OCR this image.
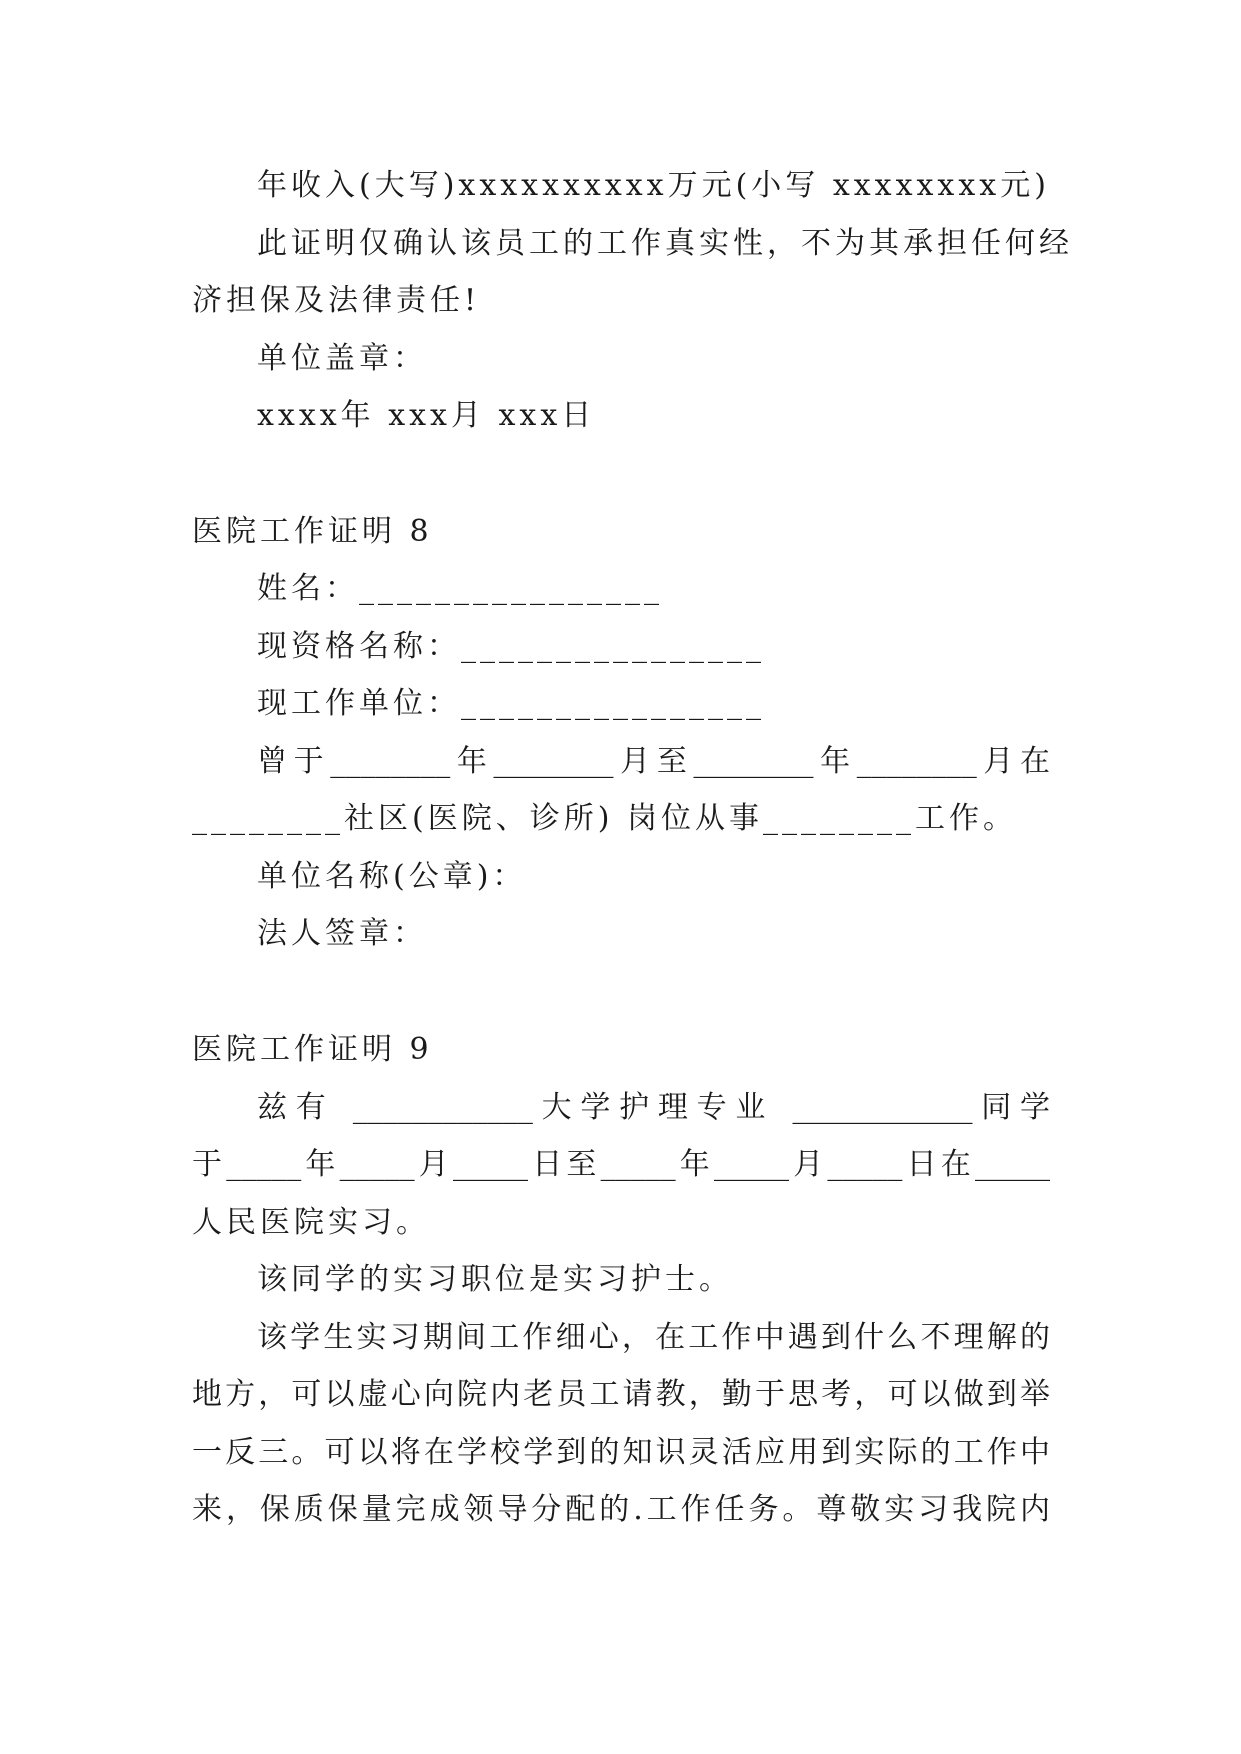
年收入(大写)xxxxxxxxxx万元(小写 xxxxxxxx元)
此证明仅确认该员工的工作真实性，不为其承担任何经
济担保及法律责任!
单位盖章：
xxxx年 xxx月 xxx日
医院工作证明 8
姓名：________________
现资格名称：________________
现工作单位：________________
曾于________年________月至________年________月在
________社区(医院、诊所) 岗位从事________工作。
单位名称(公章)：
法人签章：
医院工作证明 9
兹有 ____________大学护理专业 ____________同学
于_____年_____月_____日至_____年_____月_____日在_____
人民医院实习。
该同学的实习职位是实习护士。
该学生实习期间工作细心，在工作中遇到什么不理解的
地方，可以虚心向院内老员工请教，勤于思考，可以做到举
一反三。可以将在学校学到的知识灵活应用到实际的工作中
来，保质保量完成领导分配的.工作任务。尊敬实习我院内
